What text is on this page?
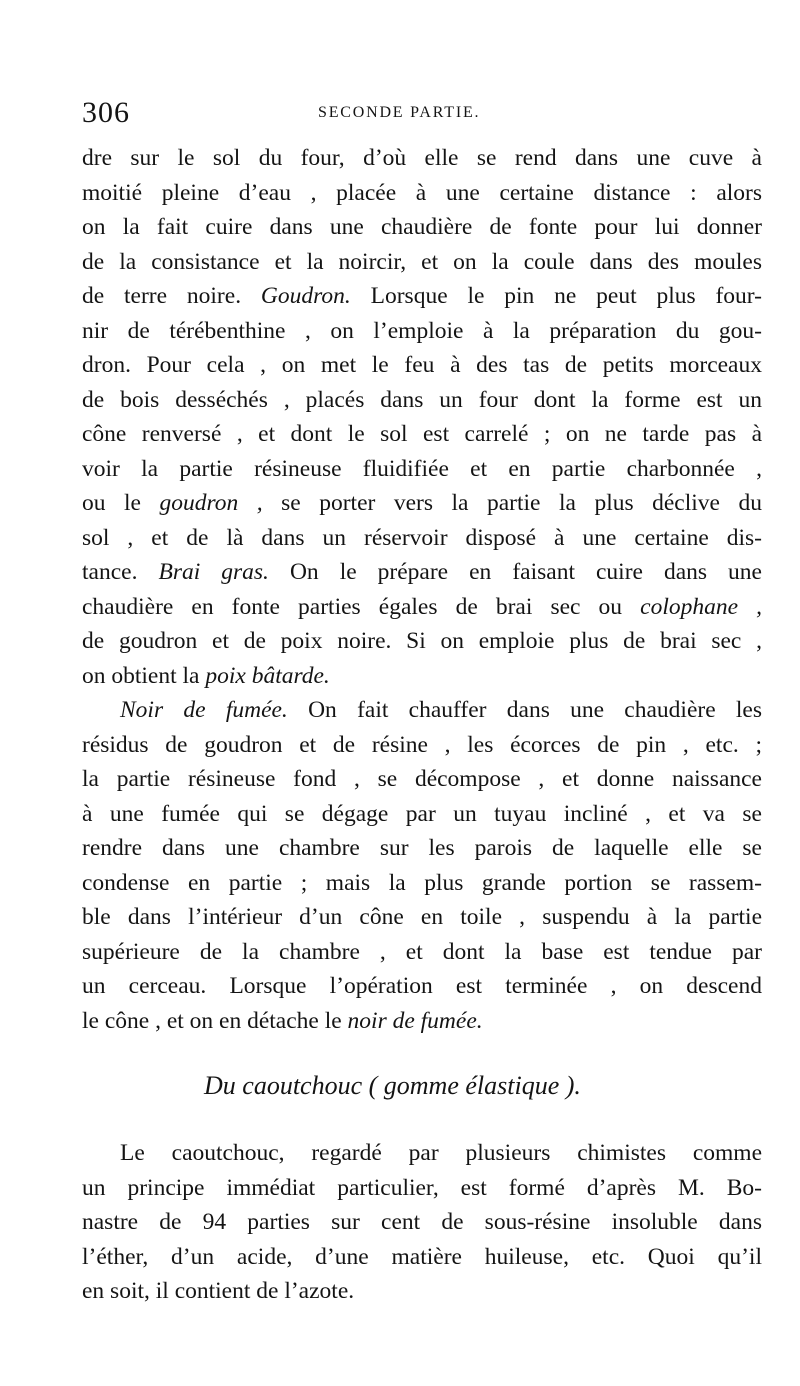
306	SECONDE PARTIE.
dre sur le sol du four, d’où elle se rend dans une cuve à
moitié pleine d’eau , placée à une certaine distance : alors
on la fait cuire dans une chaudière de fonte pour lui donner
de la consistance et la noircir, et on la coule dans des moules
de terre noire. Goudron. Lorsque le pin ne peut plus four-
nir de térébenthine , on l’emploie à la préparation du gou-
dron. Pour cela , on met le feu à des tas de petits morceaux
de bois desséchés , placés dans un four dont la forme est un
cône renversé , et dont le sol est carrelé ; on ne tarde pas à
voir la partie résineuse fluidifiée et en partie charbonnée ,
ou le goudron , se porter vers la partie la plus déclive du
sol , et de là dans un réservoir disposé à une certaine dis-
tance. Brai gras. On le prépare en faisant cuire dans une
chaudière en fonte parties égales de brai sec ou colophane ,
de goudron et de poix noire. Si on emploie plus de brai sec ,
on obtient la poix bâtarde.
Noir de fumée. On fait chauffer dans une chaudière les
résidus de goudron et de résine , les écorces de pin , etc. ;
la partie résineuse fond , se décompose , et donne naissance
à une fumée qui se dégage par un tuyau incliné , et va se
rendre dans une chambre sur les parois de laquelle elle se
condense en partie ; mais la plus grande portion se rassem-
ble dans l’intérieur d’un cône en toile , suspendu à la partie
supérieure de la chambre , et dont la base est tendue par
un cerceau. Lorsque l’opération est terminée , on descend
le cône , et on en détache le noir de fumée.
Du caoutchouc ( gomme élastique ).
Le caoutchouc, regardé par plusieurs chimistes comme
un principe immédiat particulier, est formé d’après M. Bo-
nastre de 94 parties sur cent de sous-résine insoluble dans
l’éther, d’un acide, d’une matière huileuse, etc. Quoi qu’il
en soit, il contient de l’azote.
